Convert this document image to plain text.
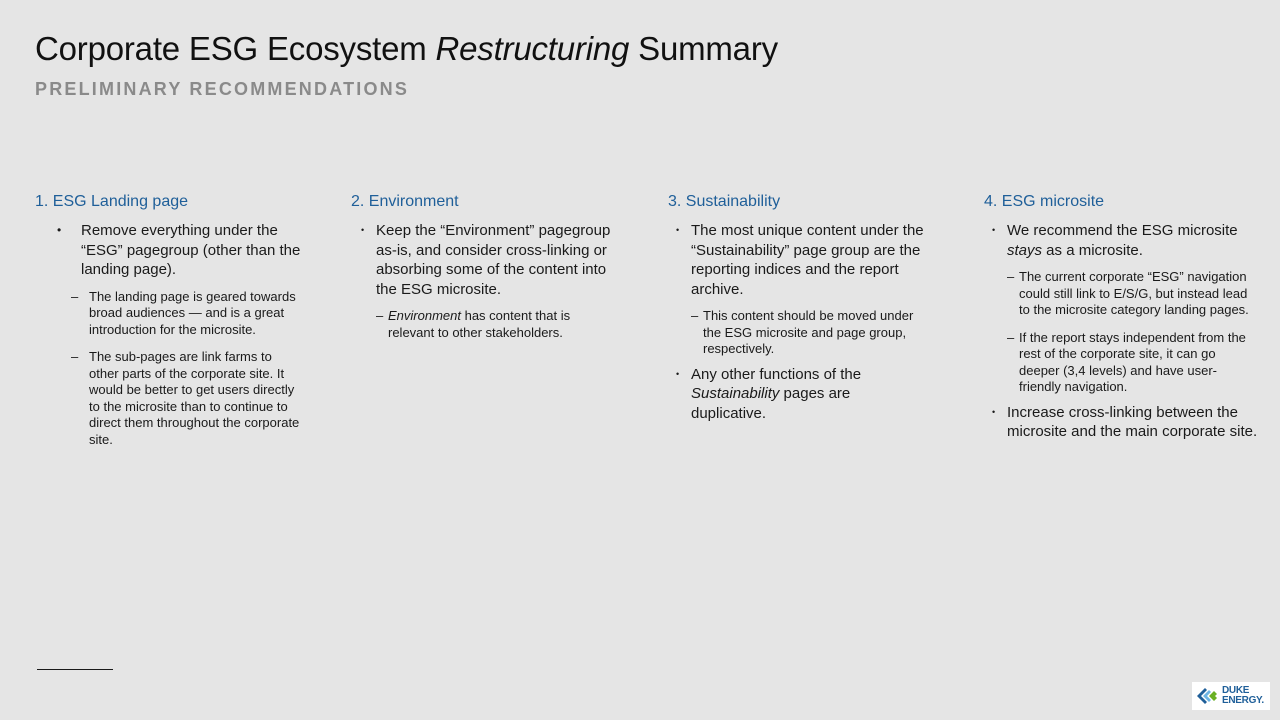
Corporate ESG Ecosystem Restructuring Summary
PRELIMINARY RECOMMENDATIONS
1. ESG Landing page
• Remove everything under the “ESG” pagegroup (other than the landing page).
– The landing page is geared towards broad audiences — and is a great introduction for the microsite.
– The sub-pages are link farms to other parts of the corporate site. It would be better to get users directly to the microsite than to continue to direct them throughout the corporate site.
2. Environment
• Keep the “Environment” pagegroup as-is, and consider cross-linking or absorbing some of the content into the ESG microsite.
– Environment has content that is relevant to other stakeholders.
3. Sustainability
• The most unique content under the “Sustainability” page group are the reporting indices and the report archive.
– This content should be moved under the ESG microsite and page group, respectively.
• Any other functions of the Sustainability pages are duplicative.
4. ESG microsite
• We recommend the ESG microsite stays as a microsite.
– The current corporate “ESG” navigation could still link to E/S/G, but instead lead to the microsite category landing pages.
– If the report stays independent from the rest of the corporate site, it can go deeper (3,4 levels) and have user-friendly navigation.
• Increase cross-linking between the microsite and the main corporate site.
DUKE
ENERGY.
